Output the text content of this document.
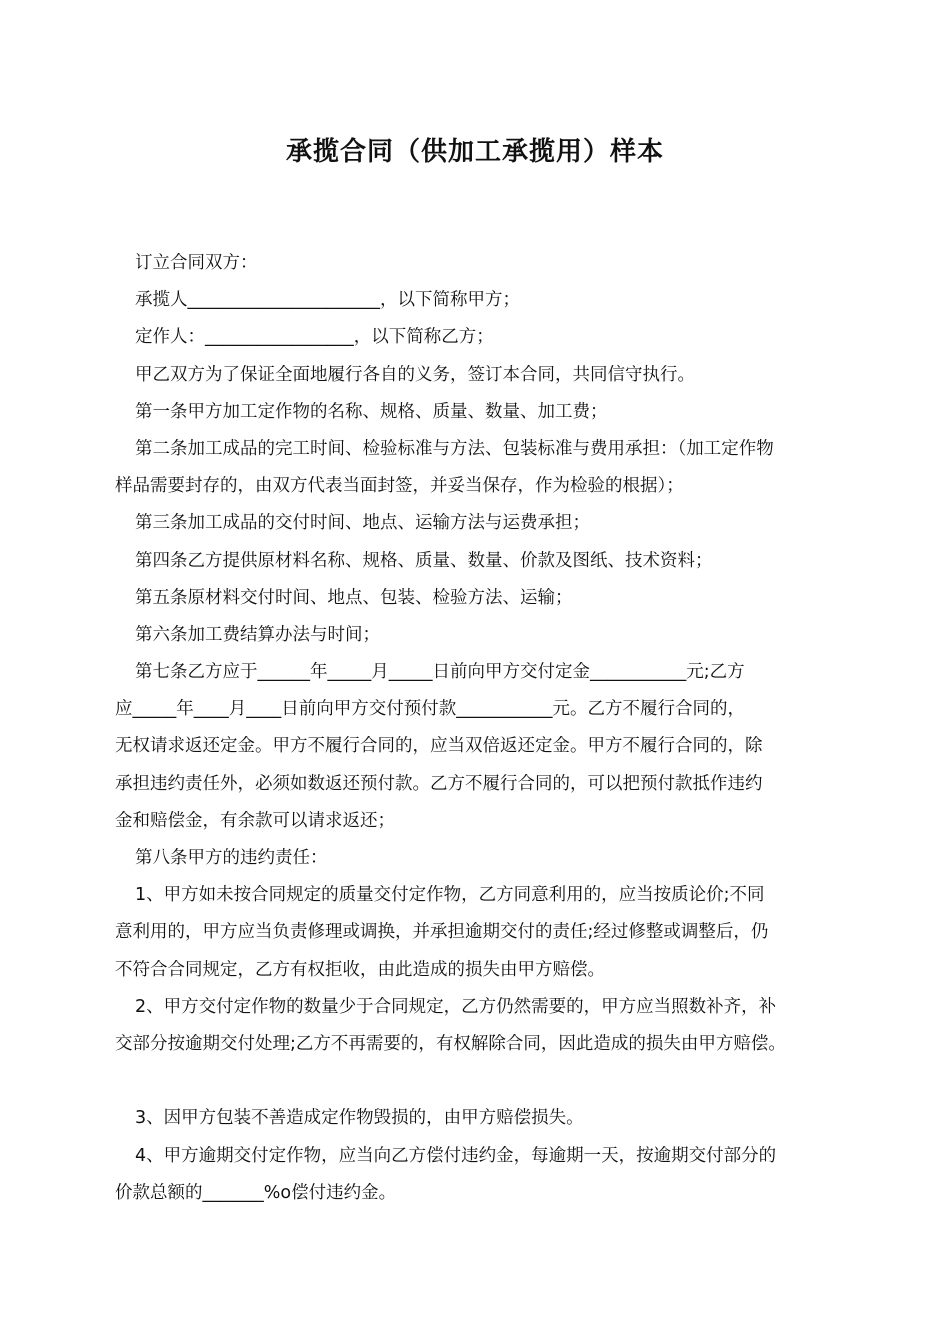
承揽合同（供加工承揽用）样本
订立合同双方：
承揽人______________________，以下简称甲方；
定作人：_________________，以下简称乙方；
甲乙双方为了保证全面地履行各自的义务，签订本合同，共同信守执行。
第一条甲方加工定作物的名称、规格、质量、数量、加工费；
第二条加工成品的完工时间、检验标准与方法、包装标准与费用承担：（加工定作物
样品需要封存的，由双方代表当面封签，并妥当保存，作为检验的根据）；
第三条加工成品的交付时间、地点、运输方法与运费承担；
第四条乙方提供原材料名称、规格、质量、数量、价款及图纸、技术资料；
第五条原材料交付时间、地点、包装、检验方法、运输；
第六条加工费结算办法与时间；
第七条乙方应于______年_____月_____日前向甲方交付定金___________元;乙方
应_____年____月____日前向甲方交付预付款___________元。乙方不履行合同的，
无权请求返还定金。甲方不履行合同的，应当双倍返还定金。甲方不履行合同的，除
承担违约责任外，必须如数返还预付款。乙方不履行合同的，可以把预付款抵作违约
金和赔偿金，有余款可以请求返还；
第八条甲方的违约责任：
1、甲方如未按合同规定的质量交付定作物，乙方同意利用的，应当按质论价;不同
意利用的，甲方应当负责修理或调换，并承担逾期交付的责任;经过修整或调整后，仍
不符合合同规定，乙方有权拒收，由此造成的损失由甲方赔偿。
2、甲方交付定作物的数量少于合同规定，乙方仍然需要的，甲方应当照数补齐，补
交部分按逾期交付处理;乙方不再需要的，有权解除合同，因此造成的损失由甲方赔偿。
3、因甲方包装不善造成定作物毁损的，由甲方赔偿损失。
4、甲方逾期交付定作物，应当向乙方偿付违约金，每逾期一天，按逾期交付部分的
价款总额的_______%o偿付违约金。
